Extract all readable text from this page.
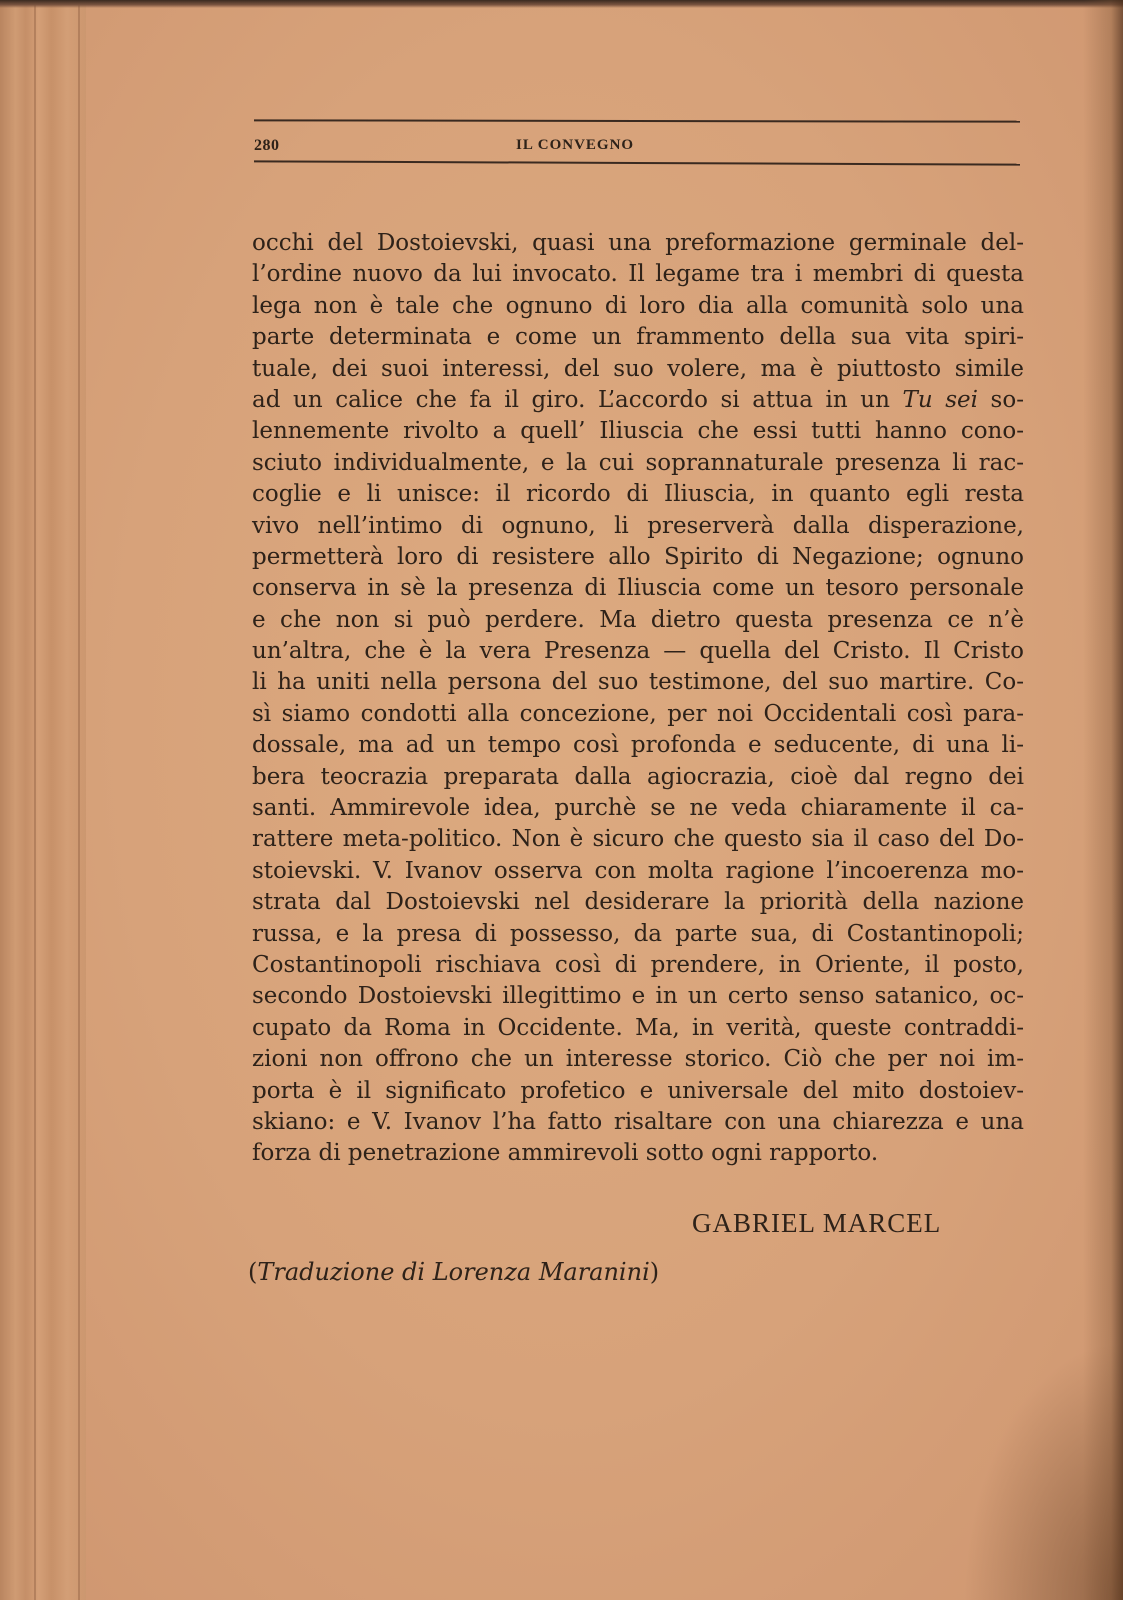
280	IL CONVEGNO
occhi del Dostoievski, quasi una preformazione germinale del-
l’ordine nuovo da lui invocato. Il legame tra i membri di questa
lega non è tale che ognuno di loro dia alla comunità solo una
parte determinata e come un frammento della sua vita spiri-
tuale, dei suoi interessi, del suo volere, ma è piuttosto simile
ad un calice che fa il giro. L’accordo si attua in un Tu sei so-
lennemente rivolto a quell’ Iliuscia che essi tutti hanno cono-
sciuto individualmente, e la cui soprannaturale presenza li rac-
coglie e li unisce: il ricordo di Iliuscia, in quanto egli resta
vivo nell’intimo di ognuno, li preserverà dalla disperazione,
permetterà loro di resistere allo Spirito di Negazione; ognuno
conserva in sè la presenza di Iliuscia come un tesoro personale
e che non si può perdere. Ma dietro questa presenza ce n’è
un’altra, che è la vera Presenza — quella del Cristo. Il Cristo
li ha uniti nella persona del suo testimone, del suo martire. Co-
sì siamo condotti alla concezione, per noi Occidentali così para-
dossale, ma ad un tempo così profonda e seducente, di una li-
bera teocrazia preparata dalla agiocrazia, cioè dal regno dei
santi. Ammirevole idea, purchè se ne veda chiaramente il ca-
rattere meta-politico. Non è sicuro che questo sia il caso del Do-
stoievski. V. Ivanov osserva con molta ragione l’incoerenza mo-
strata dal Dostoievski nel desiderare la priorità della nazione
russa, e la presa di possesso, da parte sua, di Costantinopoli;
Costantinopoli rischiava così di prendere, in Oriente, il posto,
secondo Dostoievski illegittimo e in un certo senso satanico, oc-
cupato da Roma in Occidente. Ma, in verità, queste contraddi-
zioni non offrono che un interesse storico. Ciò che per noi im-
porta è il significato profetico e universale del mito dostoiev-
skiano: e V. Ivanov l’ha fatto risaltare con una chiarezza e una
forza di penetrazione ammirevoli sotto ogni rapporto.
GABRIEL MARCEL
(Traduzione di Lorenza Maranini)
